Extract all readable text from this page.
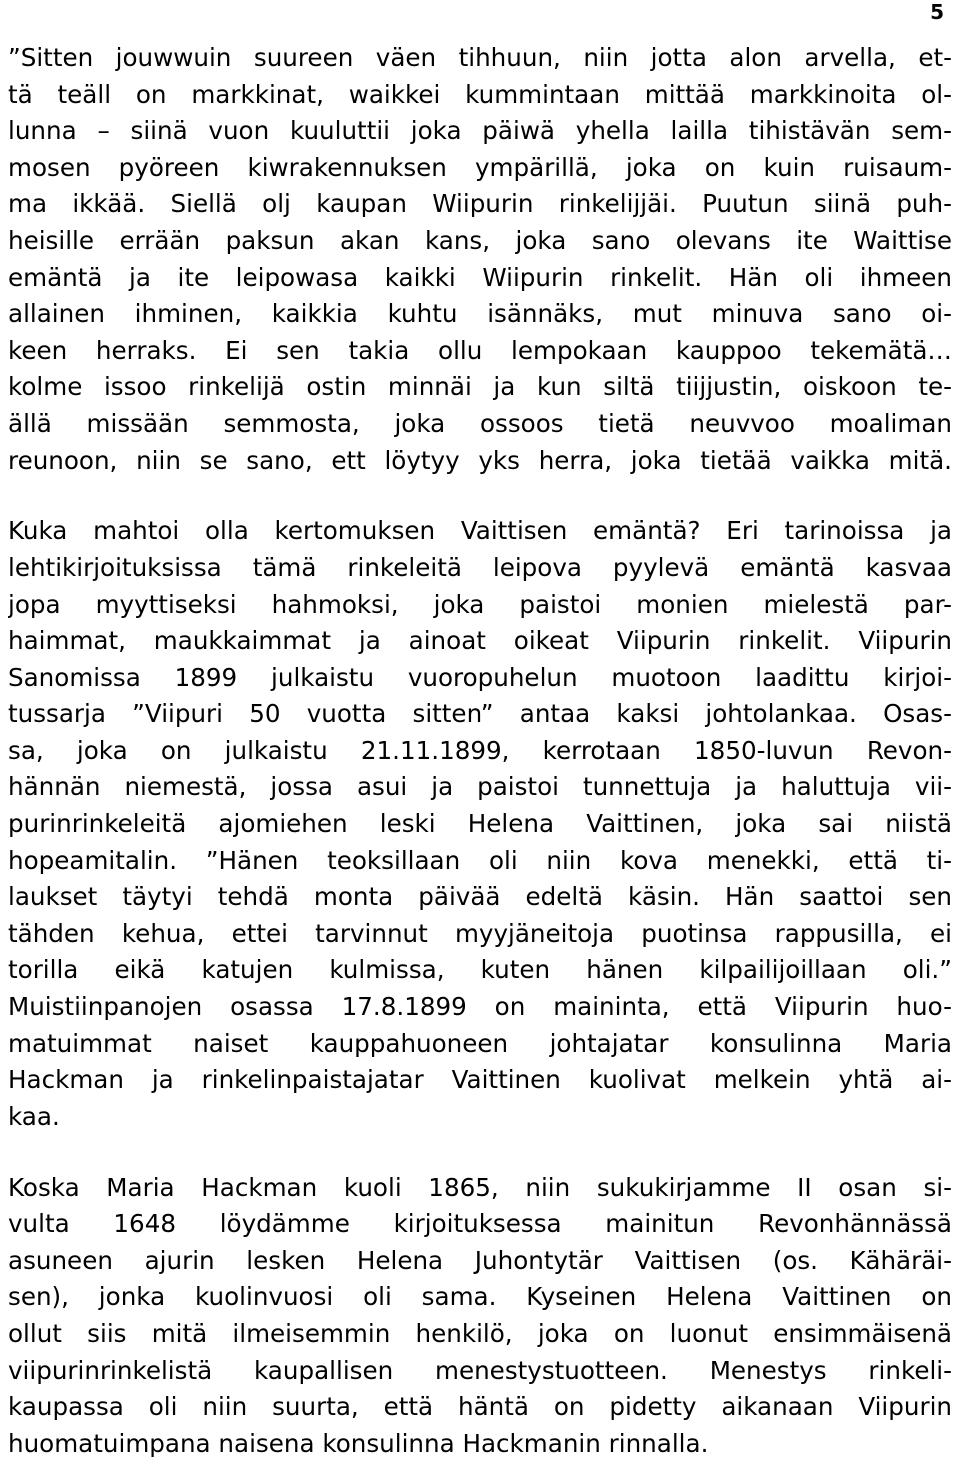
5
”Sitten jouwwuin suureen väen tihhuun, niin jotta alon arvella, et-
tä teäll on markkinat, waikkei kummintaan mittää markkinoita ol-
lunna – siinä vuon kuuluttii joka päiwä yhella lailla tihistävän sem-
mosen pyöreen kiwrakennuksen ympärillä, joka on kuin ruisaum-
ma ikkää. Siellä olj kaupan Wiipurin rinkelijjäi. Puutun siinä puh-
heisille errään paksun akan kans, joka sano olevans ite Waittise
emäntä ja ite leipowasa kaikki Wiipurin rinkelit. Hän oli ihmeen
allainen ihminen, kaikkia kuhtu isännäks, mut minuva sano oi-
keen herraks. Ei sen takia ollu lempokaan kauppoo tekemätä…
kolme issoo rinkelijä ostin minnäi ja kun siltä tiijjustin, oiskoon te-
ällä missään semmosta, joka ossoos tietä neuvvoo moaliman
reunoon, niin se sano, ett löytyy yks herra, joka tietää vaikka mitä.
Kuka mahtoi olla kertomuksen Vaittisen emäntä? Eri tarinoissa ja
lehtikirjoituksissa tämä rinkeleitä leipova pyylevä emäntä kasvaa
jopa myyttiseksi hahmoksi, joka paistoi monien mielestä par-
haimmat, maukkaimmat ja ainoat oikeat Viipurin rinkelit. Viipurin
Sanomissa 1899 julkaistu vuoropuhelun muotoon laadittu kirjoi-
tussarja ”Viipuri 50 vuotta sitten” antaa kaksi johtolankaa. Osas-
sa, joka on julkaistu 21.11.1899, kerrotaan 1850-luvun Revon-
hännän niemestä, jossa asui ja paistoi tunnettuja ja haluttuja vii-
purinrinkeleitä ajomiehen leski Helena Vaittinen, joka sai niistä
hopeamitalin. ”Hänen teoksillaan oli niin kova menekki, että ti-
laukset täytyi tehdä monta päivää edeltä käsin. Hän saattoi sen
tähden kehua, ettei tarvinnut myyjäneitoja puotinsa rappusilla, ei
torilla eikä katujen kulmissa, kuten hänen kilpailijoillaan oli.”
Muistiinpanojen osassa 17.8.1899 on maininta, että Viipurin huo-
matuimmat naiset kauppahuoneen johtajatar konsulinna Maria
Hackman ja rinkelinpaistajatar Vaittinen kuolivat melkein yhtä ai-
kaa.
Koska Maria Hackman kuoli 1865, niin sukukirjamme II osan si-
vulta 1648 löydämme kirjoituksessa mainitun Revonhännässä
asuneen ajurin lesken Helena Juhontytär Vaittisen (os. Kähäräi-
sen), jonka kuolinvuosi oli sama. Kyseinen Helena Vaittinen on
ollut siis mitä ilmeisemmin henkilö, joka on luonut ensimmäisenä
viipurinrinkelistä kaupallisen menestystuotteen. Menestys rinkeli-
kaupassa oli niin suurta, että häntä on pidetty aikanaan Viipurin
huomatuimpana naisena konsulinna Hackmanin rinnalla.
